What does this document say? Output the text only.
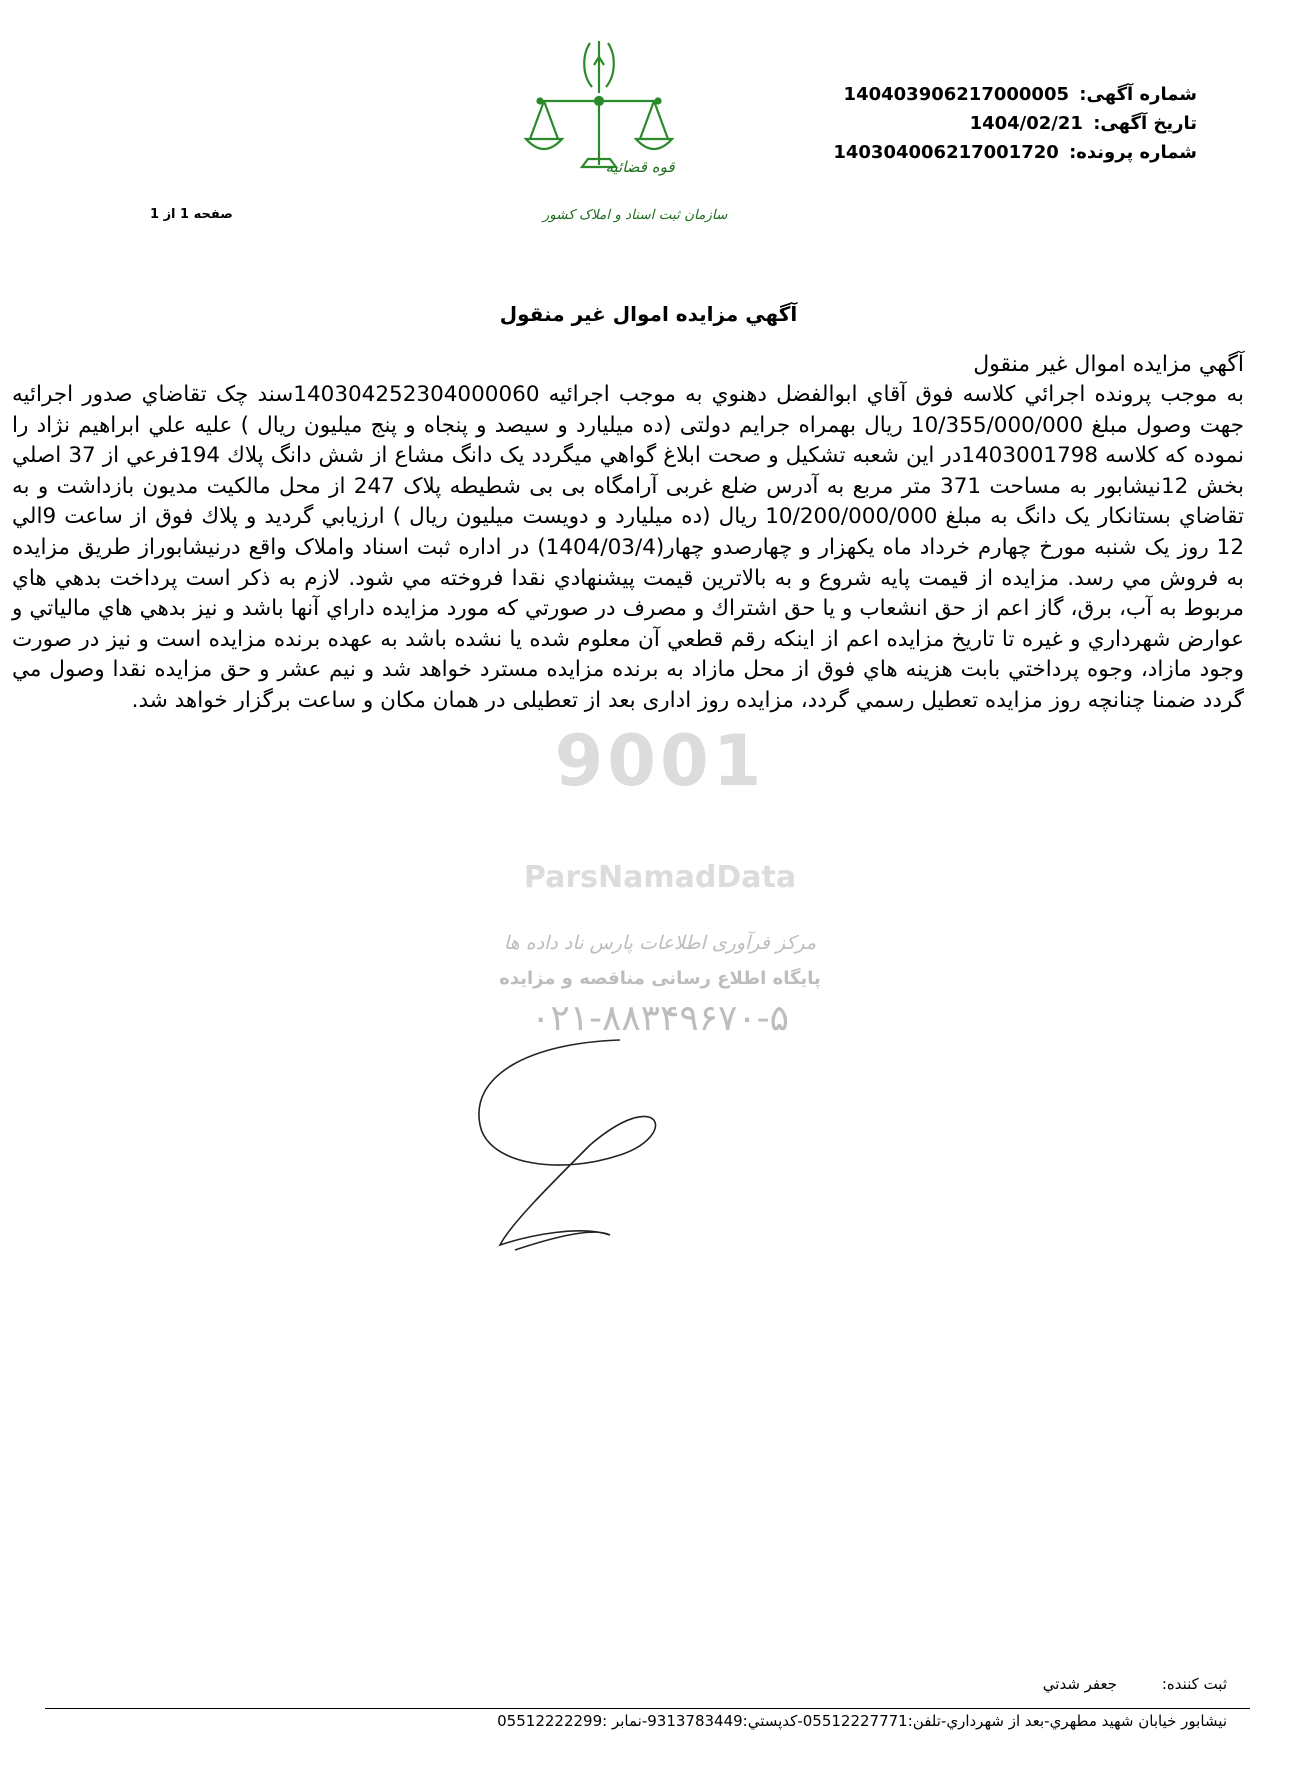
شماره آگهی: 14040390621700000​5
تاریخ آگهی: 1404/02/21
شماره پرونده: 140304006217001720
صفحه 1 از 1
قوه قضائیه
سازمان ثبت اسناد و املاک کشور
آگهي مزايده اموال غير منقول
9001
ParsNamadData
مرکز فرآوری اطلاعات پارس ناد داده ها
پایگاه اطلاع رسانی مناقصه و مزایده
۰۲۱-۸۸۳۴۹۶۷۰-۵
آگهي مزايده اموال غير منقول

به موجب پرونده اجرائي كلاسه فوق آقاي ابوالفضل دهنوي به موجب اجرائيه 14030425230400006​0سند چک تقاضاي صدور اجرائيه جهت وصول مبلغ 10/355/000/000 ريال بهمراه جرايم دولتی (ده ميليارد و سيصد و پنجاه و پنج ميليون ريال ) عليه علي ابراهيم نژاد را نموده كه كلاسه 1403001798در اين شعبه تشكيل و صحت ابلاغ گواهي ميگردد یک دانگ مشاع از شش دانگ پلاك 194فرعي از 37 اصلي بخش 12نيشابور به مساحت 371 متر مربع به آدرس ضلع غربی آرامگاه بی بی شطیطه پلاک 247 از محل مالكيت مديون بازداشت و به تقاضاي بستانكار يک دانگ به مبلغ 10/200/000/000 ريال (ده ميليارد و دويست ميليون ريال ) ارزيابي گرديد و پلاك فوق از ساعت 9الي 12 روز يک شنبه مورخ چهارم خرداد ماه يكهزار و چهارصدو چهار(1404/03/4) در اداره ثبت اسناد واملاک واقع درنيشابوراز طريق مزايده به فروش مي رسد. مزايده از قيمت پايه شروع و به بالاترين قيمت پيشنهادي نقدا فروخته مي شود. لازم به ذكر است پرداخت بدهي هاي مربوط به آب، برق، گاز اعم از حق انشعاب و يا حق اشتراك و مصرف در صورتي كه مورد مزايده داراي آنها باشد و نيز بدهي هاي مالياتي و عوارض شهرداري و غيره تا تاريخ مزايده اعم از اينكه رقم قطعي آن معلوم شده يا نشده باشد به عهده برنده مزايده است و نيز در صورت وجود مازاد، وجوه پرداختي بابت هزينه هاي فوق از محل مازاد به برنده مزايده مسترد خواهد شد و نيم عشر و حق مزايده نقدا وصول مي گردد ضمنا چنانچه روز مزايده تعطيل رسمي گردد، مزايده روز اداری بعد از تعطیلی در همان مکان و ساعت برگزار خواهد شد.

ثبت كننده: جعفر شدتي
نيشابور خيابان شهيد مطهري-بعد از شهرداري-تلفن:05512227771-كدپستي:9313783449-نمابر :05512222299
